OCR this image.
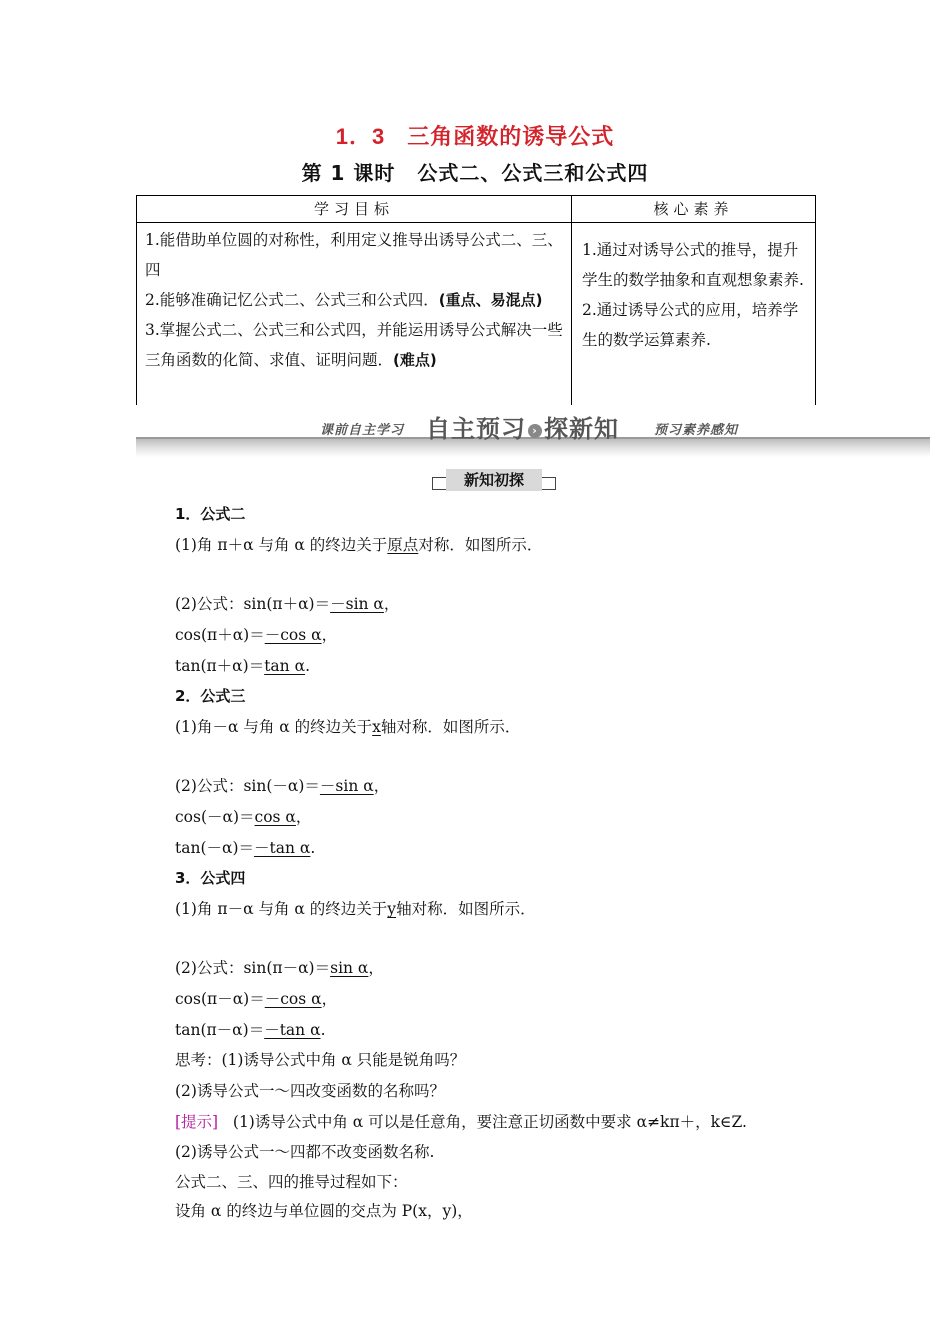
1．3 三角函数的诱导公式
第 1 课时 公式二、公式三和公式四
学习目标	核心素养
1.能借助单位圆的对称性，利用定义推导出诱导公式二、三、四
2.能够准确记忆公式二、公式三和公式四．(重点、易混点)
3.掌握公式二、公式三和公式四，并能运用诱导公式解决一些三角函数的化简、求值、证明问题．(难点)
1.通过对诱导公式的推导，提升学生的数学抽象和直观想象素养.
2.通过诱导公式的应用，培养学生的数学运算素养.
课前自主学习 自主预习 › 探新知	预习素养感知
新知初探
1．公式二
(1)角 π＋α 与角 α 的终边关于原点对称．如图所示．
(2)公式：sin(π＋α)＝－sin α，
cos(π＋α)＝－cos α，
tan(π＋α)＝tan α.
2．公式三
(1)角－α 与角 α 的终边关于x轴对称．如图所示．
(2)公式：sin(－α)＝－sin α，
cos(－α)＝cos α，
tan(－α)＝－tan α.
3．公式四
(1)角 π－α 与角 α 的终边关于y轴对称．如图所示．
(2)公式：sin(π－α)＝sin α，
cos(π－α)＝－cos α，
tan(π－α)＝－tan α.
思考：(1)诱导公式中角 α 只能是锐角吗？
(2)诱导公式一～四改变函数的名称吗？
[提示] (1)诱导公式中角 α 可以是任意角，要注意正切函数中要求 α≠kπ＋，k∈Z.
(2)诱导公式一～四都不改变函数名称.
公式二、三、四的推导过程如下：
设角 α 的终边与单位圆的交点为 P(x，y)，
